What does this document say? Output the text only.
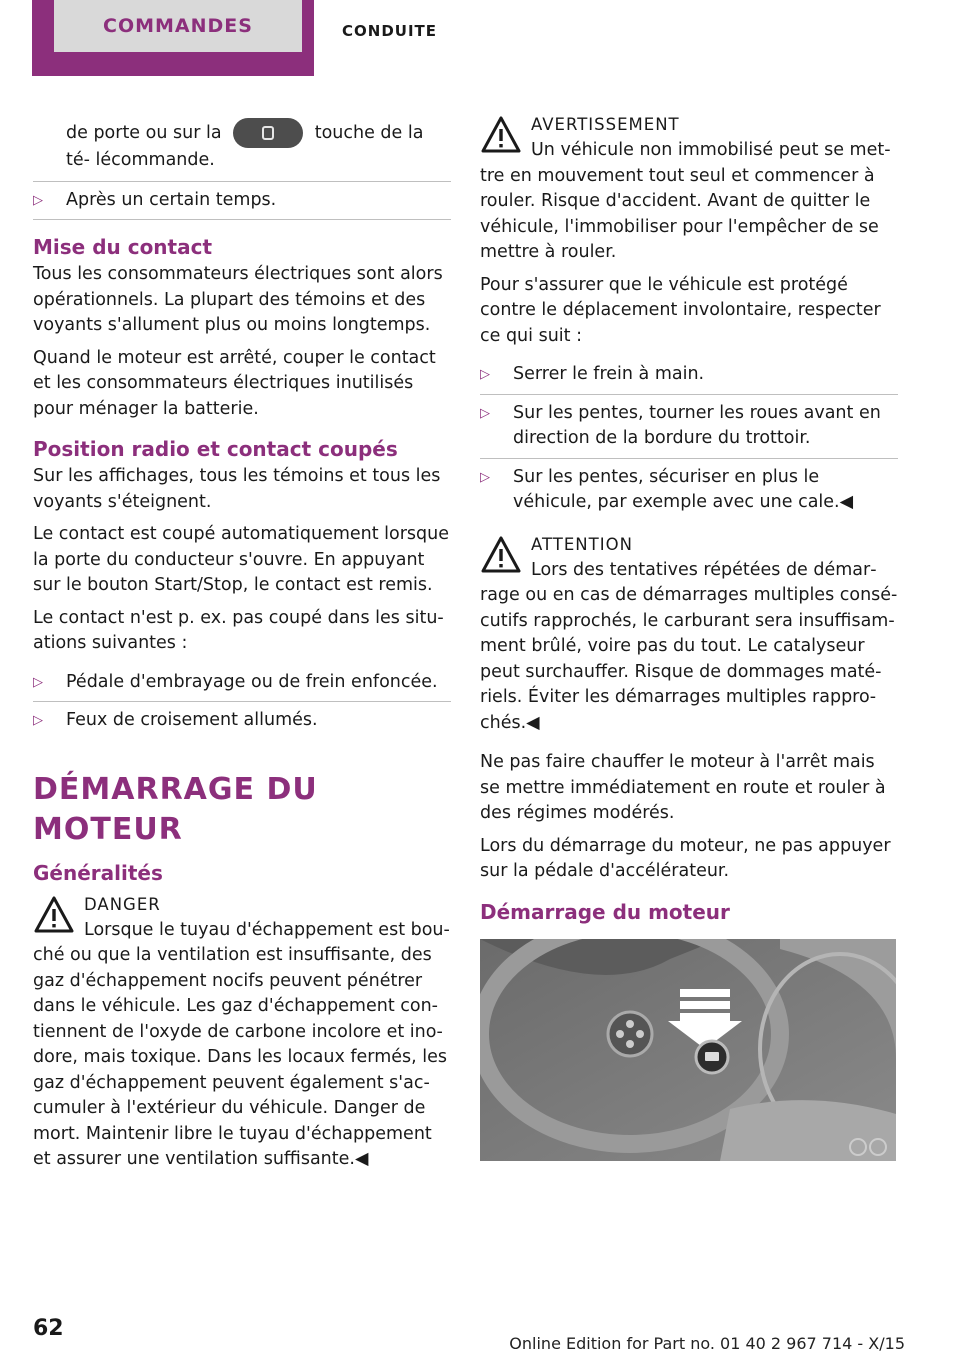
COMMANDES	CONDUITE

de porte ou sur la	touche de la té‐ lécommande.

▷
Après un certain temps.
Mise du contact

Tous les consommateurs électriques sont alors opérationnels. La plupart des témoins et des voyants s'allument plus ou moins longtemps.

Quand le moteur est arrêté, couper le contact et les consommateurs électriques inutilisés pour ménager la batterie.

Position radio et contact coupés

Sur les affichages, tous les témoins et tous les voyants s'éteignent.

Le contact est coupé automatiquement lorsque la porte du conducteur s'ouvre. En appuyant sur le bouton Start/Stop, le contact est remis.

Le contact n'est p. ex. pas coupé dans les situ‐ ations suivantes :

▷
Pédale d'embrayage ou de frein enfoncée.
▷
Feux de croisement allumés.
DÉMARRAGE DU MOTEUR
Généralités
DANGER

Lorsque le tuyau d'échappement est bou‐ ché ou que la ventilation est insuffisante, des gaz d'échappement nocifs peuvent pénétrer dans le véhicule. Les gaz d'échappement con‐ tiennent de l'oxyde de carbone incolore et ino‐ dore, mais toxique. Dans les locaux fermés, les gaz d'échappement peuvent également s'ac‐ cumuler à l'extérieur du véhicule. Danger de mort. Maintenir libre le tuyau d'échappement et assurer une ventilation suffisante.◀

AVERTISSEMENT

Un véhicule non immobilisé peut se met‐ tre en mouvement tout seul et commencer à rouler. Risque d'accident. Avant de quitter le véhicule, l'immobiliser pour l'empêcher de se mettre à rouler.

Pour s'assurer que le véhicule est protégé contre le déplacement involontaire, respecter ce qui suit :

▷
Serrer le frein à main.
▷
Sur les pentes, tourner les roues avant en direction de la bordure du trottoir.
▷
Sur les pentes, sécuriser en plus le véhicule, par exemple avec une cale.◀
ATTENTION

Lors des tentatives répétées de démar‐ rage ou en cas de démarrages multiples consé‐ cutifs rapprochés, le carburant sera insuffisam‐ ment brûlé, voire pas du tout. Le catalyseur peut surchauffer. Risque de dommages maté‐ riels. Éviter les démarrages multiples rappro‐ chés.◀

Ne pas faire chauffer le moteur à l'arrêt mais se mettre immédiatement en route et rouler à des régimes modérés.

Lors du démarrage du moteur, ne pas appuyer sur la pédale d'accélérateur.

Démarrage du moteur
62
Online Edition for Part no. 01 40 2 967 714 - X/15
